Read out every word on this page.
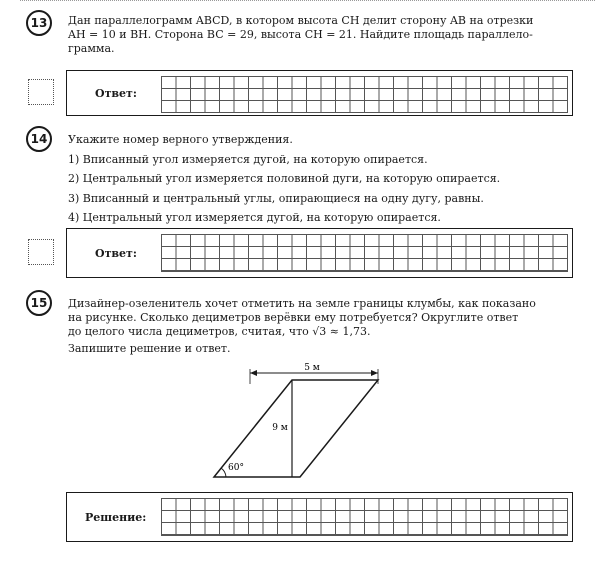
13	Дан параллелограмм ABCD, в котором высота CH делит сторону AB на отрезки
AH = 10 и BH. Сторона BC = 29, высота CH = 21. Найдите площадь параллело-
грамма.
Ответ:
14	Укажите номер верного утверждения.
1) Вписанный угол измеряется дугой, на которую опирается.
2) Центральный угол измеряется половиной дуги, на которую опирается.
3) Вписанный и центральный углы, опирающиеся на одну дугу, равны.
4) Центральный угол измеряется дугой, на которую опирается.
Ответ:
15	Дизайнер-озеленитель хочет отметить на земле границы клумбы, как показано
на рисунке. Сколько дециметров верёвки ему потребуется? Округлите ответ
до целого числа дециметров, считая, что √3 ≈ 1,73.
Запишите решение и ответ.
5 м
9 м
60°
Решение:
